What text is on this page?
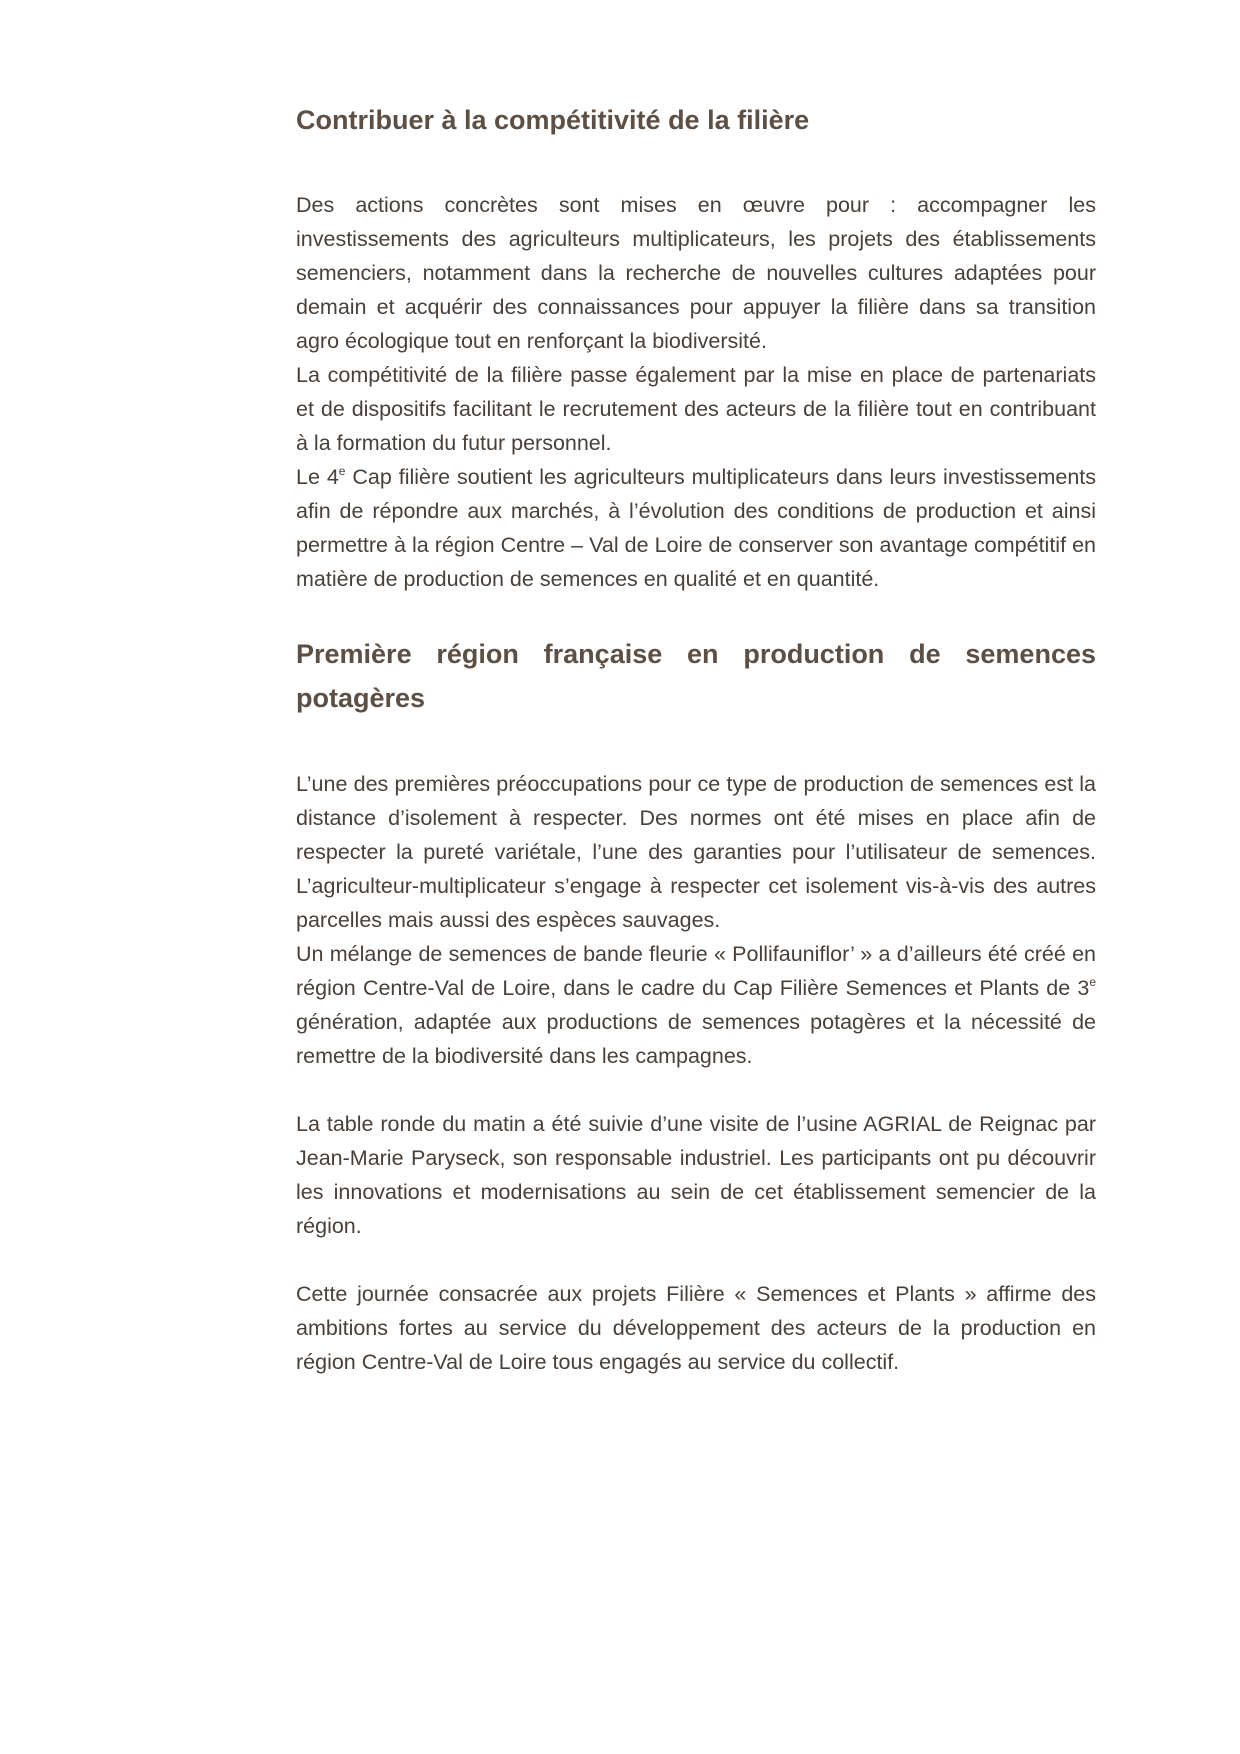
Contribuer à la compétitivité de la filière

Des actions concrètes sont mises en œuvre pour : accompagner les investissements des agriculteurs multiplicateurs, les projets des établissements semenciers, notamment dans la recherche de nouvelles cultures adaptées pour demain et acquérir des connaissances pour appuyer la filière dans sa transition agro écologique tout en renforçant la biodiversité.

La compétitivité de la filière passe également par la mise en place de partenariats et de dispositifs facilitant le recrutement des acteurs de la filière tout en contribuant à la formation du futur personnel.

Le 4e Cap filière soutient les agriculteurs multiplicateurs dans leurs investissements afin de répondre aux marchés, à l’évolution des conditions de production et ainsi permettre à la région Centre – Val de Loire de conserver son avantage compétitif en matière de production de semences en qualité et en quantité.

Première région française en production de semences potagères

L’une des premières préoccupations pour ce type de production de semences est la distance d’isolement à respecter. Des normes ont été mises en place afin de respecter la pureté variétale, l’une des garanties pour l’utilisateur de semences. L’agriculteur-multiplicateur s’engage à respecter cet isolement vis-à-vis des autres parcelles mais aussi des espèces sauvages.

Un mélange de semences de bande fleurie « Pollifauniflor’ » a d’ailleurs été créé en région Centre-Val de Loire, dans le cadre du Cap Filière Semences et Plants de 3e génération, adaptée aux productions de semences potagères et la nécessité de remettre de la biodiversité dans les campagnes.

La table ronde du matin a été suivie d’une visite de l’usine AGRIAL de Reignac par Jean-Marie Paryseck, son responsable industriel. Les participants ont pu découvrir les innovations et modernisations au sein de cet établissement semencier de la région.

Cette journée consacrée aux projets Filière « Semences et Plants » affirme des ambitions fortes au service du développement des acteurs de la production en région Centre-Val de Loire tous engagés au service du collectif.
